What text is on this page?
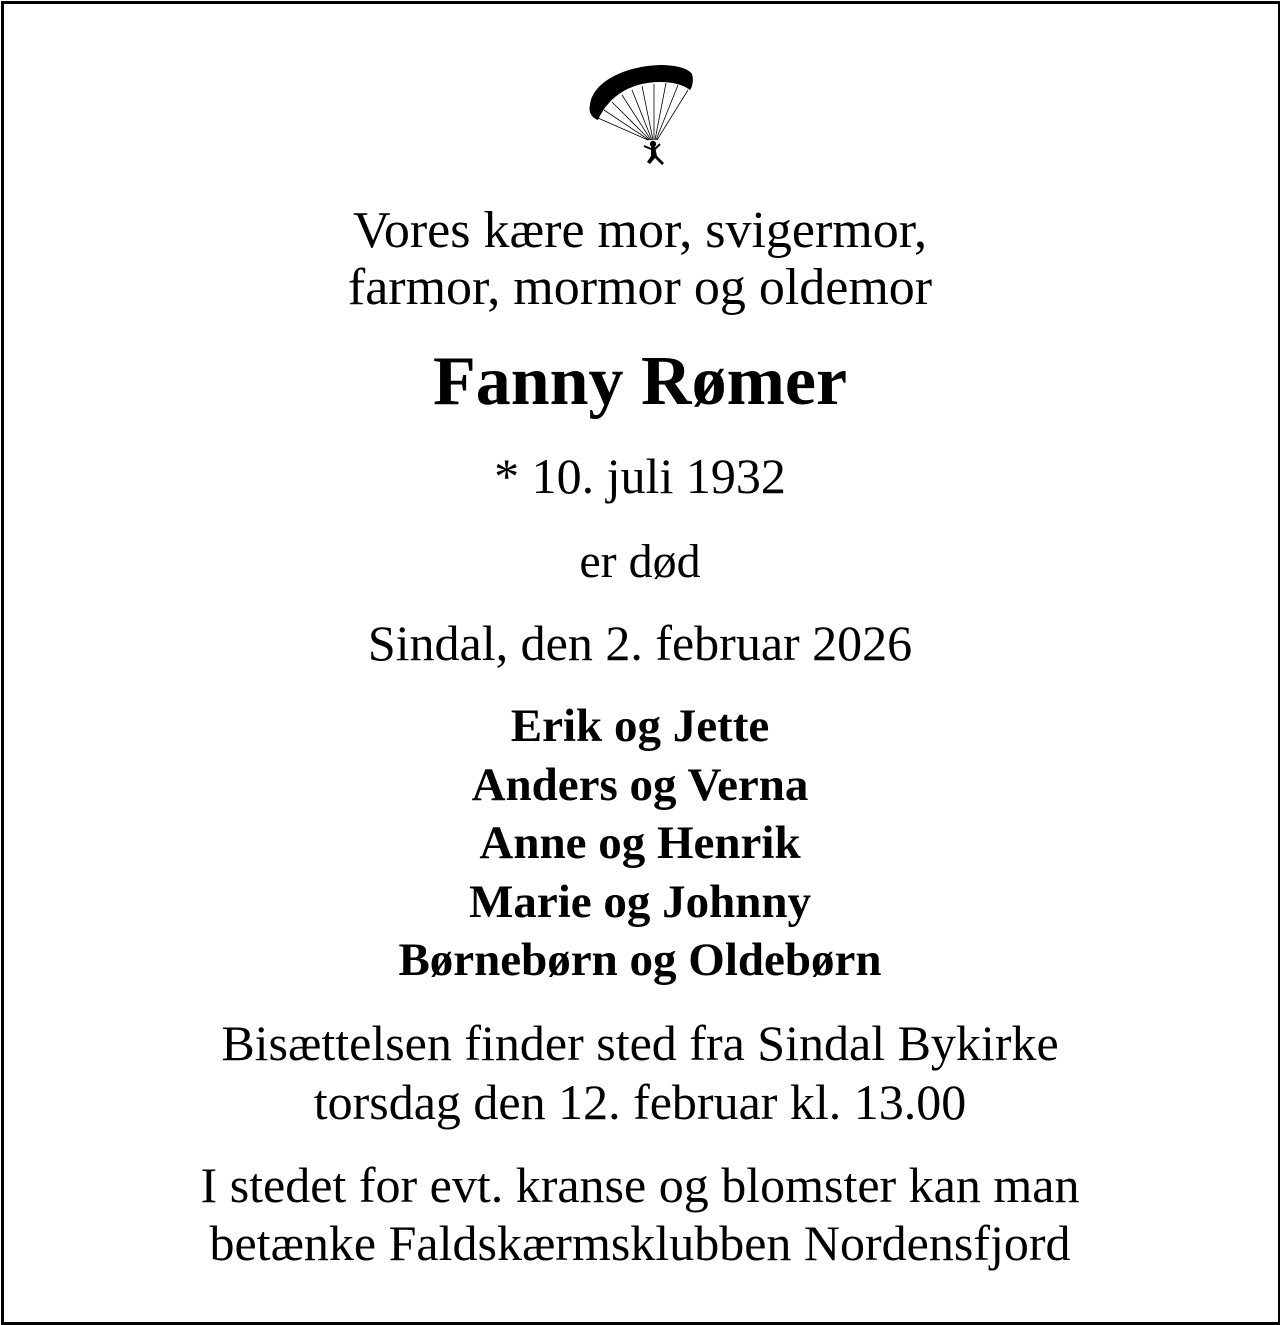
Vores kære mor, svigermor,
farmor, mormor og oldemor
Fanny Rømer
* 10. juli 1932
er død
Sindal, den 2. februar 2026
Erik og Jette
Anders og Verna
Anne og Henrik
Marie og Johnny
Børnebørn og Oldebørn
Bisættelsen finder sted fra Sindal Bykirke
torsdag den 12. februar kl. 13.00
I stedet for evt. kranse og blomster kan man
betænke Faldskærmsklubben Nordensfjord
